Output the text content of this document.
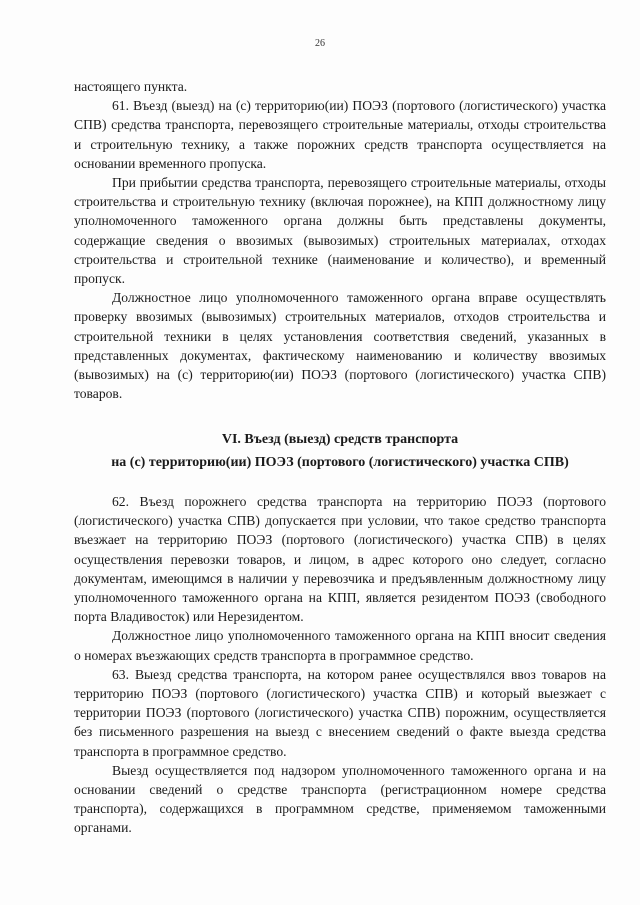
26

настоящего пункта.

61. Въезд (выезд) на (с) территорию(ии) ПОЭЗ (портового (логистического) участка СПВ) средства транспорта, перевозящего строительные материалы, отходы строительства и строительную технику, а также порожних средств транспорта осуществляется на основании временного пропуска.

При прибытии средства транспорта, перевозящего строительные материалы, отходы строительства и строительную технику (включая порожнее), на КПП должностному лицу уполномоченного таможенного органа должны быть представлены документы, содержащие сведения о ввозимых (вывозимых) строительных материалах, отходах строительства и строительной технике (наименование и количество), и временный пропуск.

Должностное лицо уполномоченного таможенного органа вправе осуществлять проверку ввозимых (вывозимых) строительных материалов, отходов строительства и строительной техники в целях установления соответствия сведений, указанных в представленных документах, фактическому наименованию и количеству ввозимых (вывозимых) на (с) территорию(ии) ПОЭЗ (портового (логистического) участка СПВ) товаров.

VI. Въезд (выезд) средств транспорта

на (с) территорию(ии) ПОЭЗ (портового (логистического) участка СПВ)

62. Въезд порожнего средства транспорта на территорию ПОЭЗ (портового (логистического) участка СПВ) допускается при условии, что такое средство транспорта въезжает на территорию ПОЭЗ (портового (логистического) участка СПВ) в целях осуществления перевозки товаров, и лицом, в адрес которого оно следует, согласно документам, имеющимся в наличии у перевозчика и предъявленным должностному лицу уполномоченного таможенного органа на КПП, является резидентом ПОЭЗ (свободного порта Владивосток) или Нерезидентом.

Должностное лицо уполномоченного таможенного органа на КПП вносит сведения о номерах въезжающих средств транспорта в программное средство.

63. Выезд средства транспорта, на котором ранее осуществлялся ввоз товаров на территорию ПОЭЗ (портового (логистического) участка СПВ) и который выезжает с территории ПОЭЗ (портового (логистического) участка СПВ) порожним, осуществляется без письменного разрешения на выезд с внесением сведений о факте выезда средства транспорта в программное средство.

Выезд осуществляется под надзором уполномоченного таможенного органа и на основании сведений о средстве транспорта (регистрационном номере средства транспорта), содержащихся в программном средстве, применяемом таможенными органами.
